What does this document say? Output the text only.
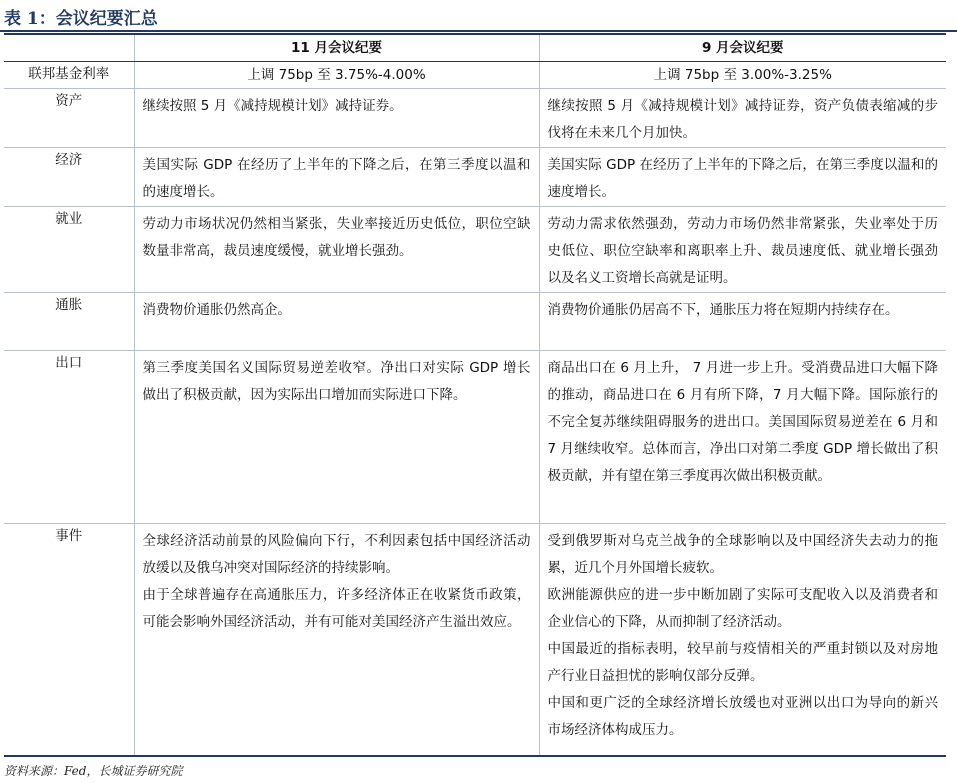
表 1：会议纪要汇总
	11 月会议纪要	9 月会议纪要
联邦基金利率	上调 75bp 至 3.75%-4.00%	上调 75bp 至 3.00%-3.25%

资产	继续按照 5 月《减持规模计划》减持证券。	继续按照 5 月《减持规模计划》减持证券，资产负债表缩减的步伐将在未来几个月加快。

经济	美国实际 GDP 在经历了上半年的下降之后，在第三季度以温和的速度增长。	美国实际 GDP 在经历了上半年的下降之后，在第三季度以温和的速度增长。

就业	劳动力市场状况仍然相当紧张，失业率接近历史低位，职位空缺数量非常高，裁员速度缓慢，就业增长强劲。	劳动力需求依然强劲，劳动力市场仍然非常紧张，失业率处于历史低位、职位空缺率和离职率上升、裁员速度低、就业增长强劲以及名义工资增长高就是证明。

通胀	消费物价通胀仍然高企。	消费物价通胀仍居高不下，通胀压力将在短期内持续存在。

出口	第三季度美国名义国际贸易逆差收窄。净出口对实际 GDP 增长做出了积极贡献，因为实际出口增加而实际进口下降。	商品出口在 6 月上升， 7 月进一步上升。受消费品进口大幅下降的推动，商品进口在 6 月有所下降，7 月大幅下降。国际旅行的不完全复苏继续阻碍服务的进出口。美国国际贸易逆差在 6 月和 7 月继续收窄。总体而言，净出口对第二季度 GDP 增长做出了积极贡献，并有望在第三季度再次做出积极贡献。

事件	全球经济活动前景的风险偏向下行，不利因素包括中国经济活动放缓以及俄乌冲突对国际经济的持续影响。
由于全球普遍存在高通胀压力，许多经济体正在收紧货币政策，可能会影响外国经济活动，并有可能对美国经济产生溢出效应。	受到俄罗斯对乌克兰战争的全球影响以及中国经济失去动力的拖累，近几个月外国增长疲软。
欧洲能源供应的进一步中断加剧了实际可支配收入以及消费者和企业信心的下降，从而抑制了经济活动。
中国最近的指标表明，较早前与疫情相关的严重封锁以及对房地产行业日益担忧的影响仅部分反弹。
中国和更广泛的全球经济增长放缓也对亚洲以出口为导向的新兴市场经济体构成压力。
资料来源：Fed，长城证券研究院
